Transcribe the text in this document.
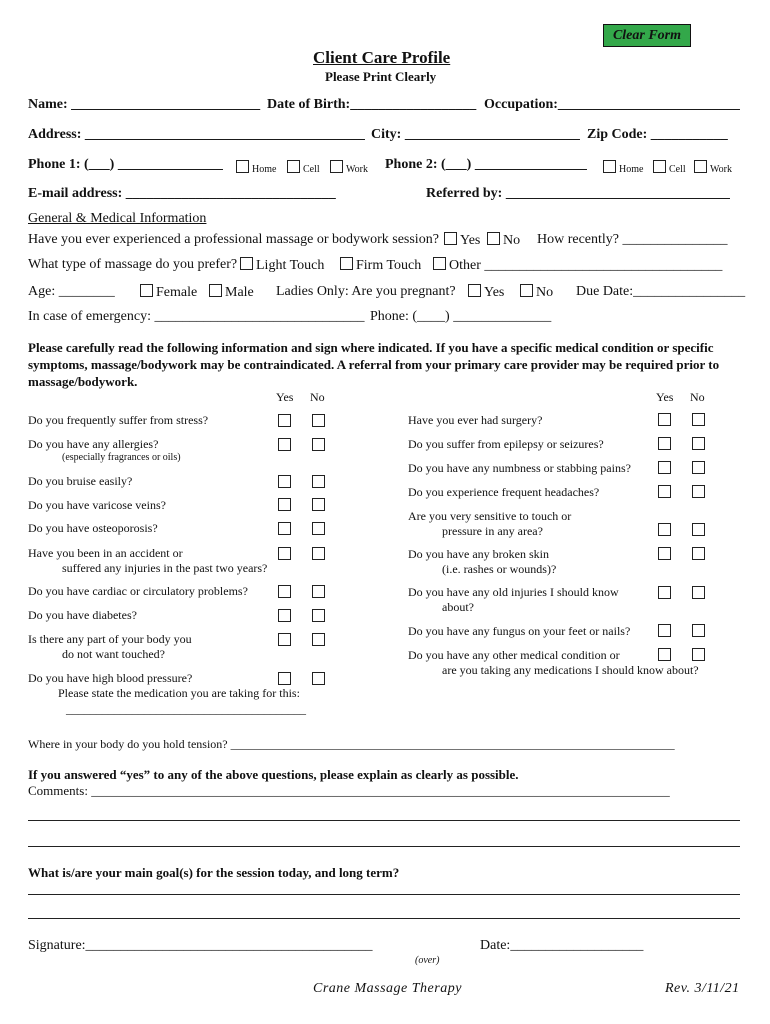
Clear Form
Client Care Profile
Please Print Clearly
Name: ___________________________ Date of Birth:__________________ Occupation:__________________________
Address: ________________________________________ City: _________________________ Zip Code: ___________
Phone 1: (___) _______________	Home	Cell	Work Phone 2: (___) ________________	Home	Cell	Work
E-mail address: ______________________________	Referred by: ________________________________
General & Medical Information
Have you ever experienced a professional massage or bodywork session?	Yes	No How recently? _______________
What type of massage do you prefer?	Light Touch	Firm Touch	Other __________________________________
Age: ________	Female	Male Ladies Only: Are you pregnant?	Yes	No Due Date:________________
In case of emergency: ______________________________ Phone: (____) ______________
Please carefully read the following information and sign where indicated. If you have a specific medical condition or specific symptoms, massage/bodywork may be contraindicated. A referral from your primary care provider may be required prior to massage/bodywork.
Yes No	Yes No
Do you frequently suffer from stress?
Do you have any allergies?
(especially fragrances or oils)
Do you bruise easily?
Do you have varicose veins?
Do you have osteoporosis?
Have you been in an accident or
suffered any injuries in the past two years?
Do you have cardiac or circulatory problems?
Do you have diabetes?
Is there any part of your body you
do not want touched?
Do you have high blood pressure?
Please state the medication you are taking for this:
________________________________________
Have you ever had surgery?
Do you suffer from epilepsy or seizures?
Do you have any numbness or stabbing pains?
Do you experience frequent headaches?
Are you very sensitive to touch or
pressure in any area?
Do you have any broken skin
(i.e. rashes or wounds)?
Do you have any old injuries I should know
about?
Do you have any fungus on your feet or nails?
Do you have any other medical condition or
are you taking any medications I should know about?
Where in your body do you hold tension? __________________________________________________________________________
If you answered “yes” to any of the above questions, please explain as clearly as possible.
Comments: _________________________________________________________________________________________
What is/are your main goal(s) for the session today, and long term?
Signature:_________________________________________	Date:___________________
(over)
Crane Massage Therapy	Rev. 3/11/21
